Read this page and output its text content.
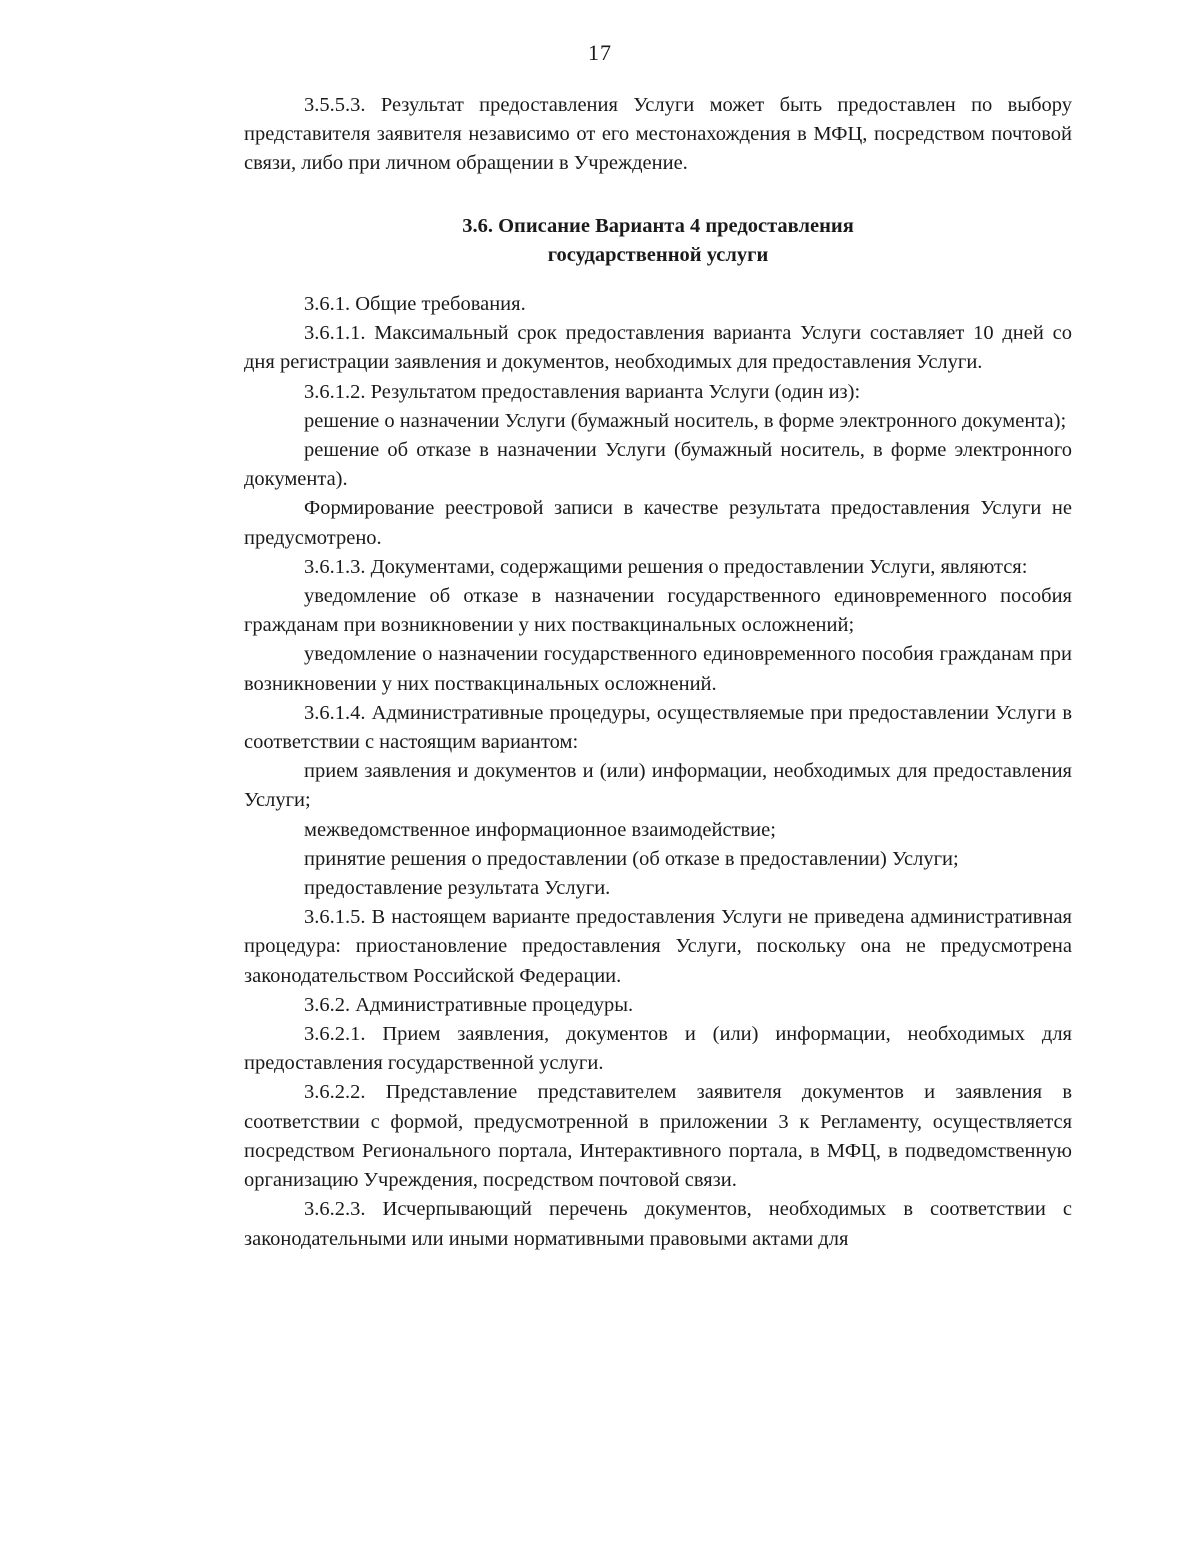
17

3.5.5.3. Результат предоставления Услуги может быть предоставлен по выбору представителя заявителя независимо от его местонахождения в МФЦ, посредством почтовой связи, либо при личном обращении в Учреждение.

3.6. Описание Варианта 4 предоставления
государственной услуги

3.6.1. Общие требования.

3.6.1.1. Максимальный срок предоставления варианта Услуги составляет 10 дней со дня регистрации заявления и документов, необходимых для предоставления Услуги.

3.6.1.2. Результатом предоставления варианта Услуги (один из):

решение о назначении Услуги (бумажный носитель, в форме электронного документа);

решение об отказе в назначении Услуги (бумажный носитель, в форме электронного документа).

Формирование реестровой записи в качестве результата предоставления Услуги не предусмотрено.

3.6.1.3. Документами, содержащими решения о предоставлении Услуги, являются:

уведомление об отказе в назначении государственного единовременного пособия гражданам при возникновении у них поствакцинальных осложнений;

уведомление о назначении государственного единовременного пособия гражданам при возникновении у них поствакцинальных осложнений.

3.6.1.4. Административные процедуры, осуществляемые при предоставлении Услуги в соответствии с настоящим вариантом:

прием заявления и документов и (или) информации, необходимых для предоставления Услуги;

межведомственное информационное взаимодействие;

принятие решения о предоставлении (об отказе в предоставлении) Услуги;

предоставление результата Услуги.

3.6.1.5. В настоящем варианте предоставления Услуги не приведена административная процедура: приостановление предоставления Услуги, поскольку она не предусмотрена законодательством Российской Федерации.

3.6.2. Административные процедуры.

3.6.2.1. Прием заявления, документов и (или) информации, необходимых для предоставления государственной услуги.

3.6.2.2. Представление представителем заявителя документов и заявления в соответствии с формой, предусмотренной в приложении 3 к Регламенту, осуществляется посредством Регионального портала, Интерактивного портала, в МФЦ, в подведомственную организацию Учреждения, посредством почтовой связи.

3.6.2.3. Исчерпывающий перечень документов, необходимых в соответствии с законодательными или иными нормативными правовыми актами для
